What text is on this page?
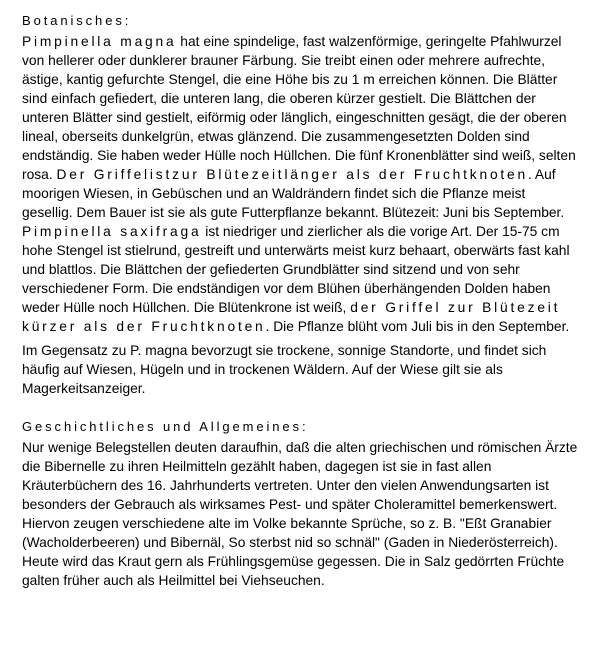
Botanisches:

Pimpinella magna hat eine spindelige, fast walzenförmige, geringelte Pfahlwurzel von hellerer oder dunklerer brauner Färbung. Sie treibt einen oder mehrere aufrechte, ästige, kantig gefurchte Stengel, die eine Höhe bis zu 1 m erreichen können. Die Blätter sind einfach gefiedert, die unteren lang, die oberen kürzer gestielt. Die Blättchen der unteren Blätter sind gestielt, eiförmig oder länglich, eingeschnitten gesägt, die der oberen lineal, oberseits dunkelgrün, etwas glänzend. Die zusammengesetzten Dolden sind endständig. Sie haben weder Hülle noch Hüllchen. Die fünf Kronenblätter sind weiß, selten rosa. Der Griffelistzur Blütezeitlänger als der Fruchtknoten. Auf moorigen Wiesen, in Gebüschen und an Waldrändern findet sich die Pflanze meist gesellig. Dem Bauer ist sie als gute Futterpflanze bekannt. Blütezeit: Juni bis September. Pimpinella saxifraga ist niedriger und zierlicher als die vorige Art. Der 15-75 cm hohe Stengel ist stielrund, gestreift und unterwärts meist kurz behaart, oberwärts fast kahl und blattlos. Die Blättchen der gefiederten Grundblätter sind sitzend und von sehr verschiedener Form. Die endständigen vor dem Blühen überhängenden Dolden haben weder Hülle noch Hüllchen. Die Blütenkrone ist weiß, der Griffel zur Blütezeit kürzer als der Fruchtknoten. Die Pflanze blüht vom Juli bis in den September.

Im Gegensatz zu P. magna bevorzugt sie trockene, sonnige Standorte, und findet sich häufig auf Wiesen, Hügeln und in trockenen Wäldern. Auf der Wiese gilt sie als Magerkeitsanzeiger.

Geschichtliches und Allgemeines:

Nur wenige Belegstellen deuten daraufhin, daß die alten griechischen und römischen Ärzte die Bibernelle zu ihren Heilmitteln gezählt haben, dagegen ist sie in fast allen Kräuterbüchern des 16. Jahrhunderts vertreten. Unter den vielen Anwendungsarten ist besonders der Gebrauch als wirksames Pest- und später Choleramittel bemerkenswert. Hiervon zeugen verschiedene alte im Volke bekannte Sprüche, so z. B. "Eßt Granabier (Wacholderbeeren) und Bibernäl, So sterbst nid so schnäl" (Gaden in Niederösterreich). Heute wird das Kraut gern als Frühlingsgemüse gegessen. Die in Salz gedörrten Früchte galten früher auch als Heilmittel bei Viehseuchen.
